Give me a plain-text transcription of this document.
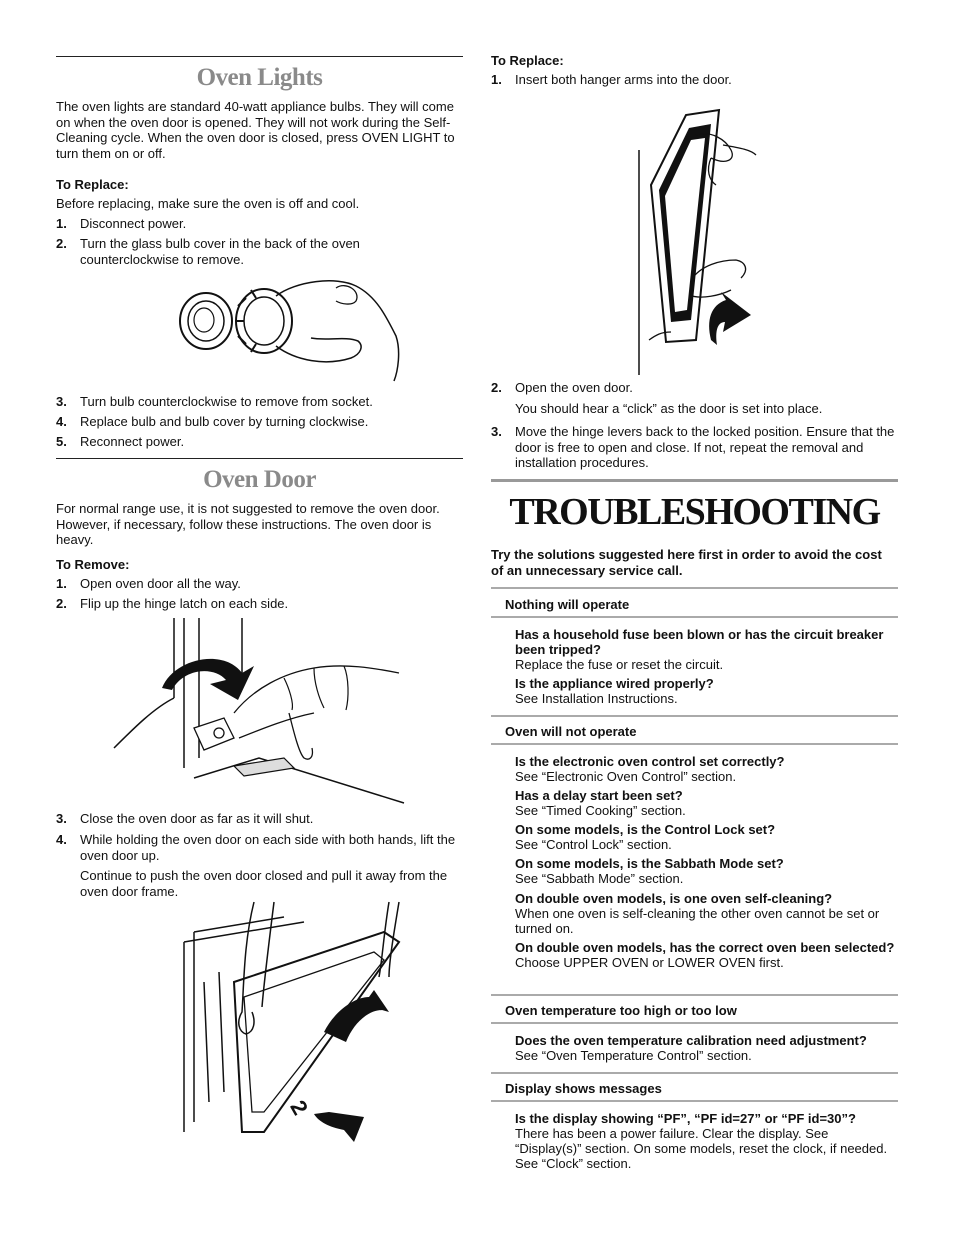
Oven Lights

The oven lights are standard 40-watt appliance bulbs. They will come on when the oven door is opened. They will not work during the Self-Cleaning cycle. When the oven door is closed, press OVEN LIGHT to turn them on or off.

To Replace:

Before replacing, make sure the oven is off and cool.

1. Disconnect power.
2. Turn the glass bulb cover in the back of the oven counterclockwise to remove.
3. Turn bulb counterclockwise to remove from socket.
4. Replace bulb and bulb cover by turning clockwise.
5. Reconnect power.
Oven Door

For normal range use, it is not suggested to remove the oven door. However, if necessary, follow these instructions. The oven door is heavy.

To Remove:

1. Open oven door all the way.
2. Flip up the hinge latch on each side.
3. Close the oven door as far as it will shut.
4. While holding the oven door on each side with both hands, lift the oven door up.

Continue to push the oven door closed and pull it away from the oven door frame.

1
2

To Replace:

1. Insert both hanger arms into the door.
2. Open the oven door.

You should hear a “click” as the door is set into place.

3. Move the hinge levers back to the locked position. Ensure that the door is free to open and close. If not, repeat the removal and installation procedures.
TROUBLESHOOTING

Try the solutions suggested here first in order to avoid the cost of an unnecessary service call.

Nothing will operate
Has a household fuse been blown or has the circuit breaker been tripped?
Replace the fuse or reset the circuit.
Is the appliance wired properly?
See Installation Instructions.
Oven will not operate
Is the electronic oven control set correctly?
See “Electronic Oven Control” section.
Has a delay start been set?
See “Timed Cooking” section.
On some models, is the Control Lock set?
See “Control Lock” section.
On some models, is the Sabbath Mode set?
See “Sabbath Mode” section.
On double oven models, is one oven self-cleaning?
When one oven is self-cleaning the other oven cannot be set or turned on.
On double oven models, has the correct oven been selected?
Choose UPPER OVEN or LOWER OVEN first.
Oven temperature too high or too low
Does the oven temperature calibration need adjustment?
See “Oven Temperature Control” section.
Display shows messages
Is the display showing “PF”, “PF id=27” or “PF id=30”?
There has been a power failure. Clear the display. See “Display(s)” section. On some models, reset the clock, if needed. See “Clock” section.
